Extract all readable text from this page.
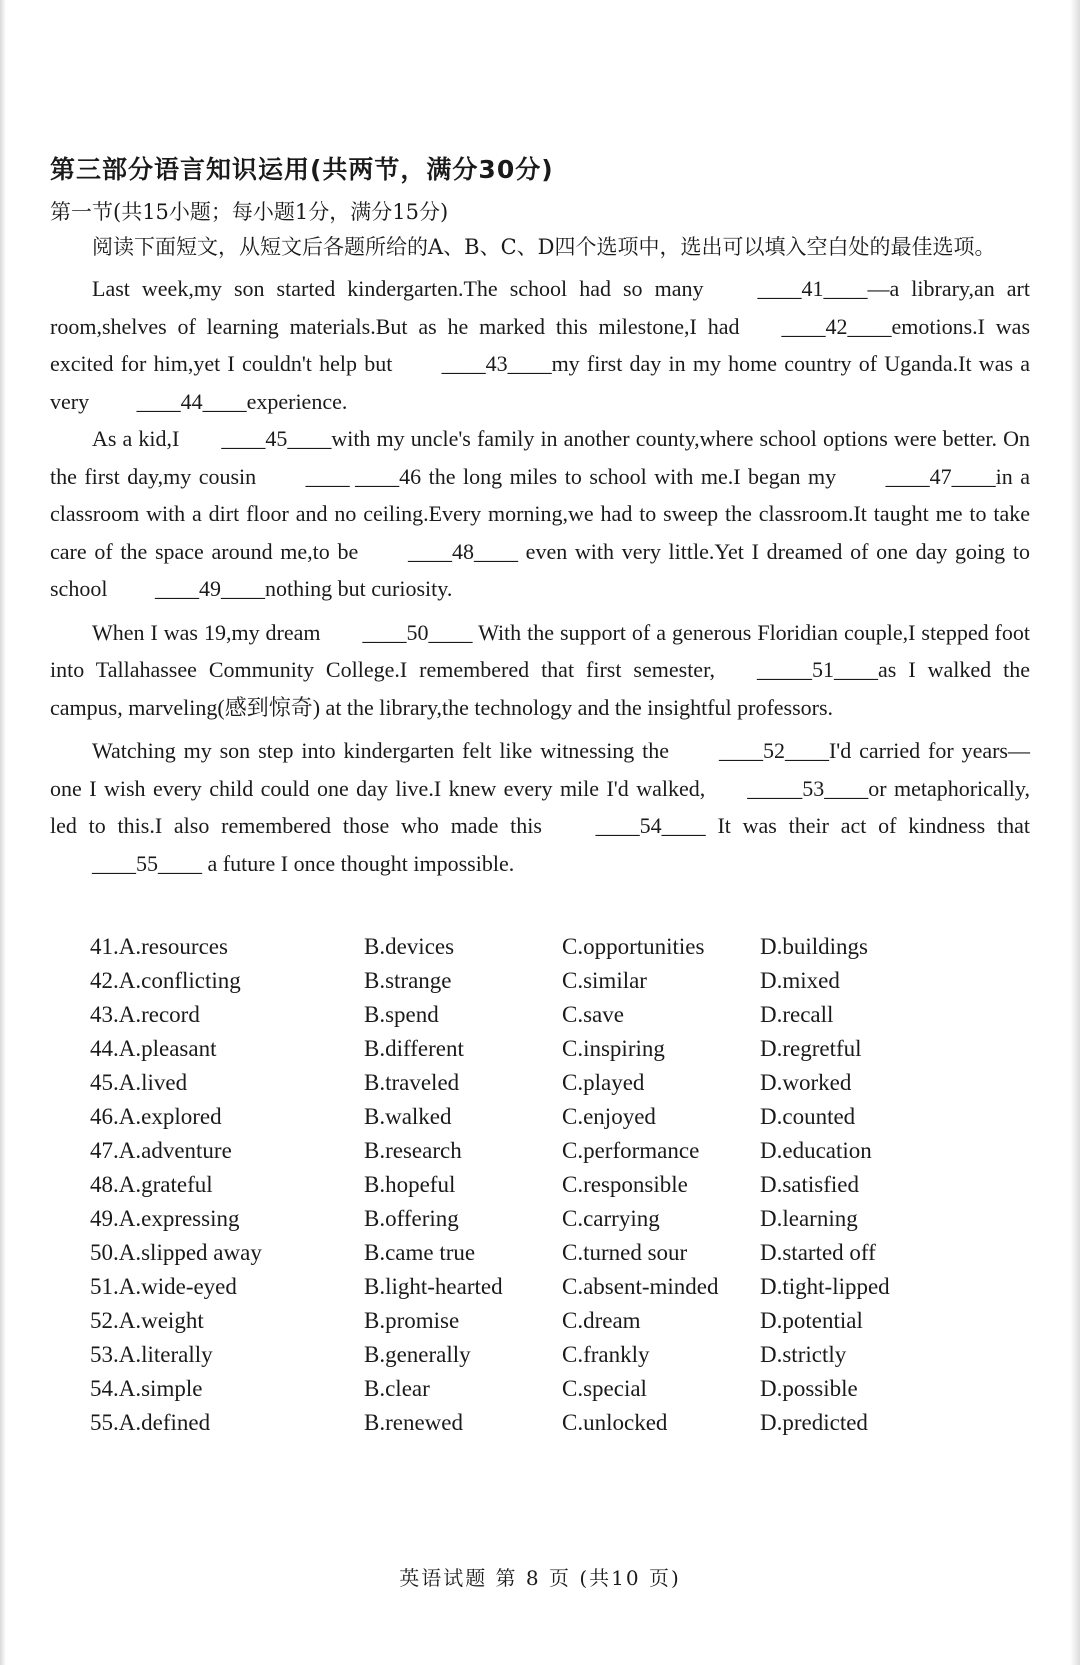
第三部分语言知识运用(共两节，满分30分)
第一节(共15小题；每小题1分，满分15分)
阅读下面短文，从短文后各题所给的A、B、C、D四个选项中，选出可以填入空白处的最佳选项。

Last week,my son started kindergarten.The school had so many ____41____—a library,an art room,shelves of learning materials.But as he marked this milestone,I had ____42____emotions.I was excited for him,yet I couldn't help but ____43____my first day in my home country of Uganda.It was a very ____44____experience.

As a kid,I ____45____with my uncle's family in another county,where school options were better. On the first day,my cousin ____ ____46 the long miles to school with me.I began my ____47____in a classroom with a dirt floor and no ceiling.Every morning,we had to sweep the classroom.It taught me to take care of the space around me,to be ____48____ even with very little.Yet I dreamed of one day going to school ____49____nothing but curiosity.

When I was 19,my dream ____50____ With the support of a generous Floridian couple,I stepped foot into Tallahassee Community College.I remembered that first semester, _____51____as I walked the campus, marveling(感到惊奇) at the library,the technology and the insightful professors.

Watching my son step into kindergarten felt like witnessing the ____52____I'd carried for years—one I wish every child could one day live.I knew every mile I'd walked, _____53____or metaphorically, led to this.I also remembered those who made this ____54____ It was their act of kindness that ____55____ a future I once thought impossible.

41.A.resources	B.devices	C.opportunities	D.buildings
42.A.conflicting	B.strange	C.similar	D.mixed
43.A.record	B.spend	C.save	D.recall
44.A.pleasant	B.different	C.inspiring	D.regretful
45.A.lived	B.traveled	C.played	D.worked
46.A.explored	B.walked	C.enjoyed	D.counted
47.A.adventure	B.research	C.performance	D.education
48.A.grateful	B.hopeful	C.responsible	D.satisfied
49.A.expressing	B.offering	C.carrying	D.learning
50.A.slipped away	B.came true	C.turned sour	D.started off
51.A.wide-eyed	B.light-hearted	C.absent-minded	D.tight-lipped
52.A.weight	B.promise	C.dream	D.potential
53.A.literally	B.generally	C.frankly	D.strictly
54.A.simple	B.clear	C.special	D.possible
55.A.defined	B.renewed	C.unlocked	D.predicted
英语试题 第 8 页 (共10 页)
